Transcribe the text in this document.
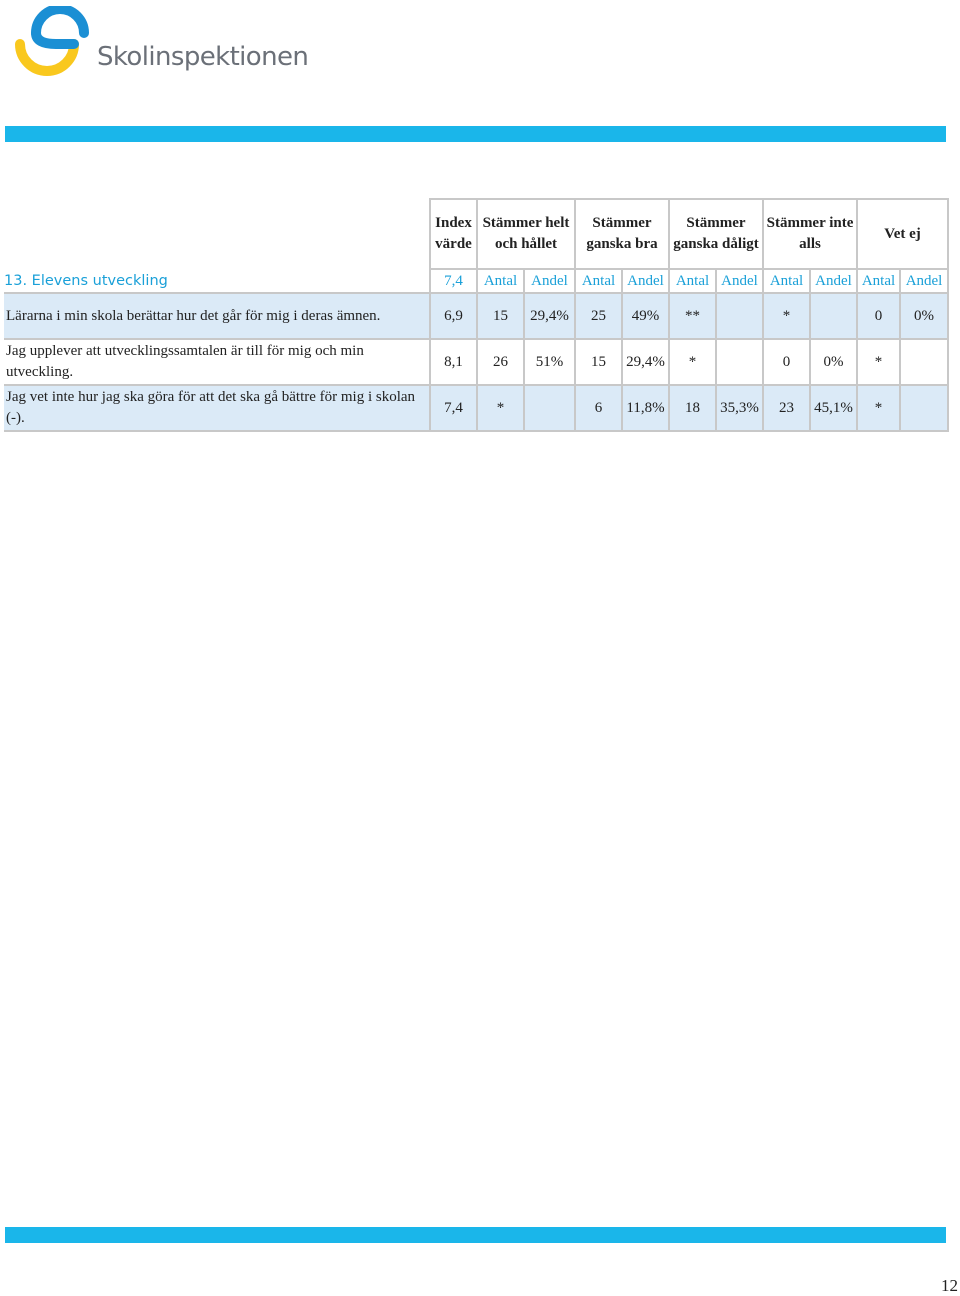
Skolinspektionen
	Index värde	Stämmer helt och hållet		Stämmer ganska bra		Stämmer ganska dåligt		Stämmer inte alls		Vet ej	
13. Elevens utveckling	7,4	Antal	Andel	Antal	Andel	Antal	Andel	Antal	Andel	Antal	Andel
Lärarna i min skola berättar hur det går för mig i deras ämnen.	6,9	15	29,4%	25	49%	**		*		0	0%
Jag upplever att utvecklingssamtalen är till för mig och min utveckling.	8,1	26	51%	15	29,4%	*		0	0%	*	
Jag vet inte hur jag ska göra för att det ska gå bättre för mig i skolan (-).	7,4	*		6	11,8%	18	35,3%	23	45,1%	*	
12
